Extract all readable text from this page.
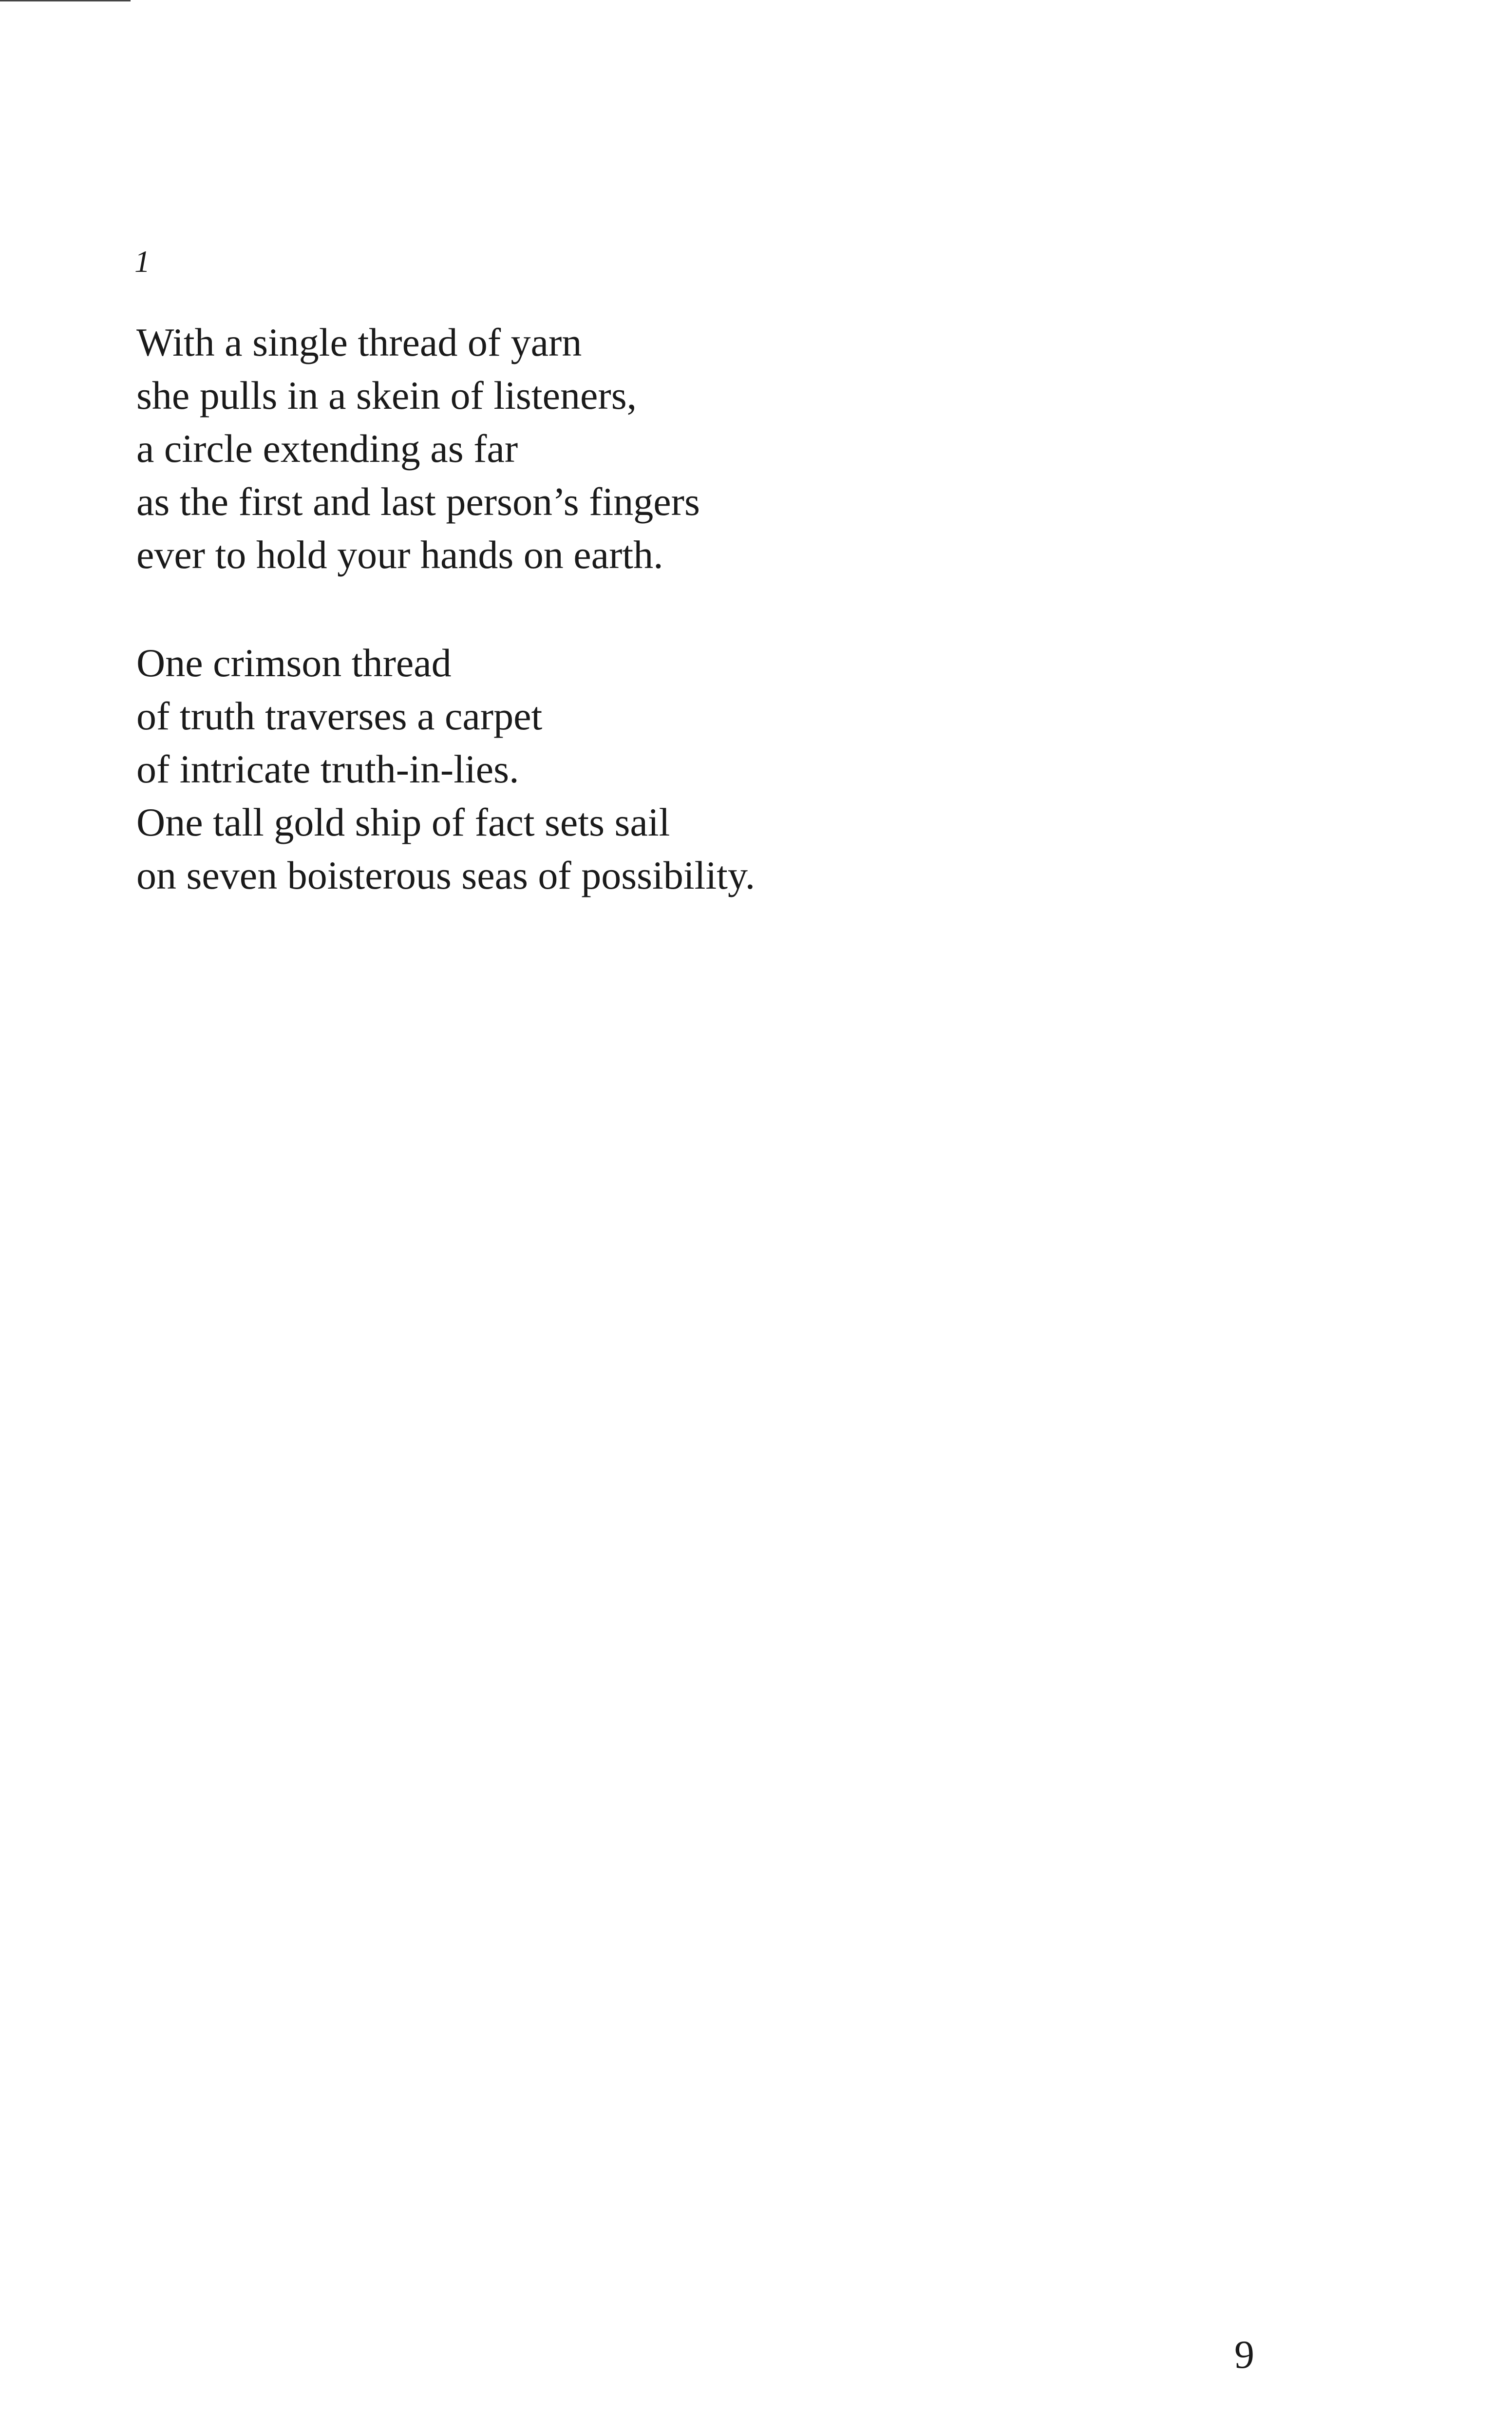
1
With a single thread of yarn
she pulls in a skein of listeners,
a circle extending as far
as the first and last person’s fingers
ever to hold your hands on earth.
One crimson thread
of truth traverses a carpet
of intricate truth-in-lies.
One tall gold ship of fact sets sail
on seven boisterous seas of possibility.
9
